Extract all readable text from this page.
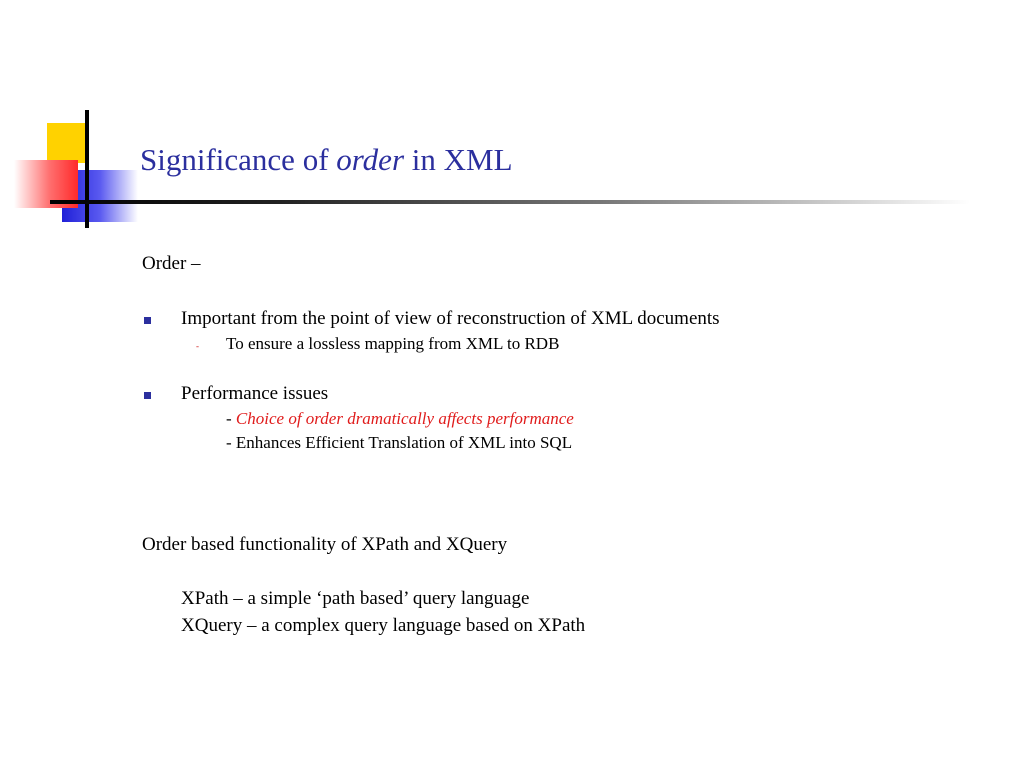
Significance of order in XML
Order –
Important from the point of view of reconstruction of XML documents
- To ensure a lossless mapping from XML to RDB
Performance issues
- Choice of order dramatically affects performance
- Enhances Efficient Translation of XML into SQL
Order based functionality of XPath and XQuery
XPath – a simple ‘path based’ query language
XQuery – a complex query language based on XPath
